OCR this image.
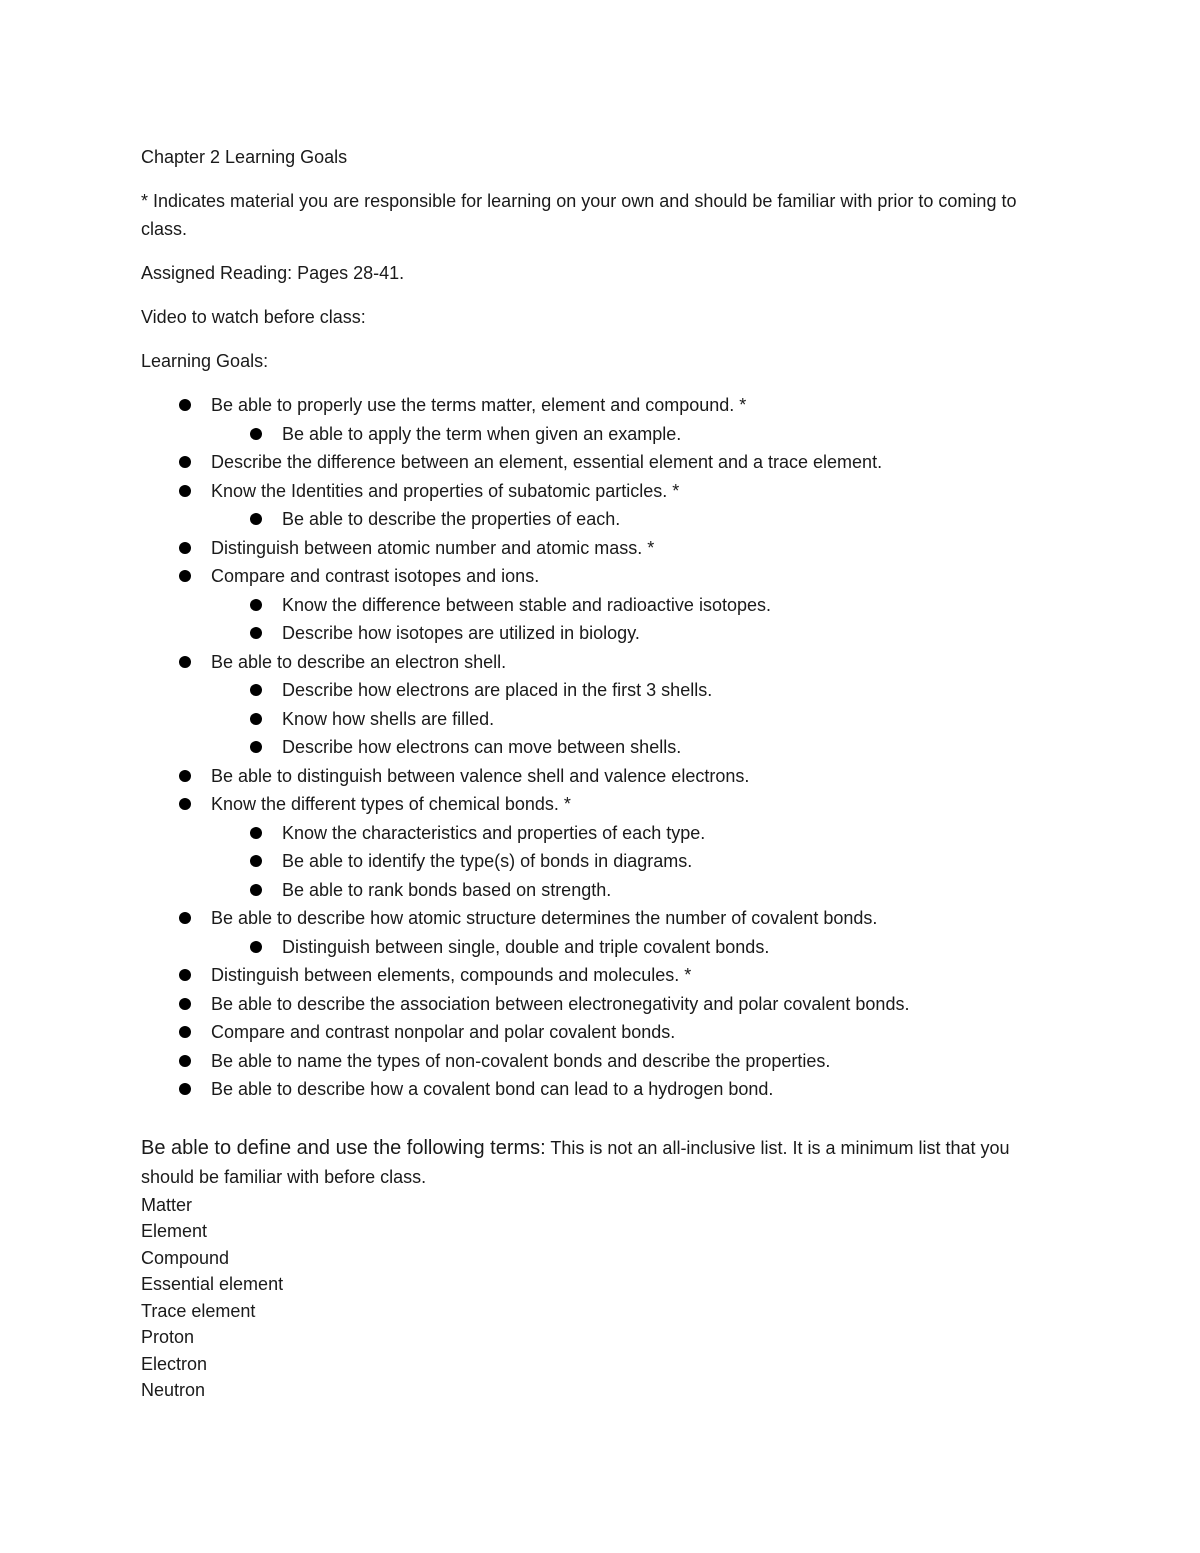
Chapter 2 Learning Goals

* Indicates material you are responsible for learning on your own and should be familiar with prior to coming to class.

Assigned Reading: Pages 28-41.

Video to watch before class:

Learning Goals:

Be able to properly use the terms matter, element and compound. *
Be able to apply the term when given an example.
Describe the difference between an element, essential element and a trace element.
Know the Identities and properties of subatomic particles. *
Be able to describe the properties of each.
Distinguish between atomic number and atomic mass. *
Compare and contrast isotopes and ions.
Know the difference between stable and radioactive isotopes.
Describe how isotopes are utilized in biology.
Be able to describe an electron shell.
Describe how electrons are placed in the first 3 shells.
Know how shells are filled.
Describe how electrons can move between shells.
Be able to distinguish between valence shell and valence electrons.
Know the different types of chemical bonds. *
Know the characteristics and properties of each type.
Be able to identify the type(s) of bonds in diagrams.
Be able to rank bonds based on strength.
Be able to describe how atomic structure determines the number of covalent bonds.
Distinguish between single, double and triple covalent bonds.
Distinguish between elements, compounds and molecules. *
Be able to describe the association between electronegativity and polar covalent bonds.
Compare and contrast nonpolar and polar covalent bonds.
Be able to name the types of non-covalent bonds and describe the properties.
Be able to describe how a covalent bond can lead to a hydrogen bond.
Be able to define and use the following terms: This is not an all-inclusive list. It is a minimum list that you should be familiar with before class.
Matter
Element
Compound
Essential element
Trace element
Proton
Electron
Neutron
